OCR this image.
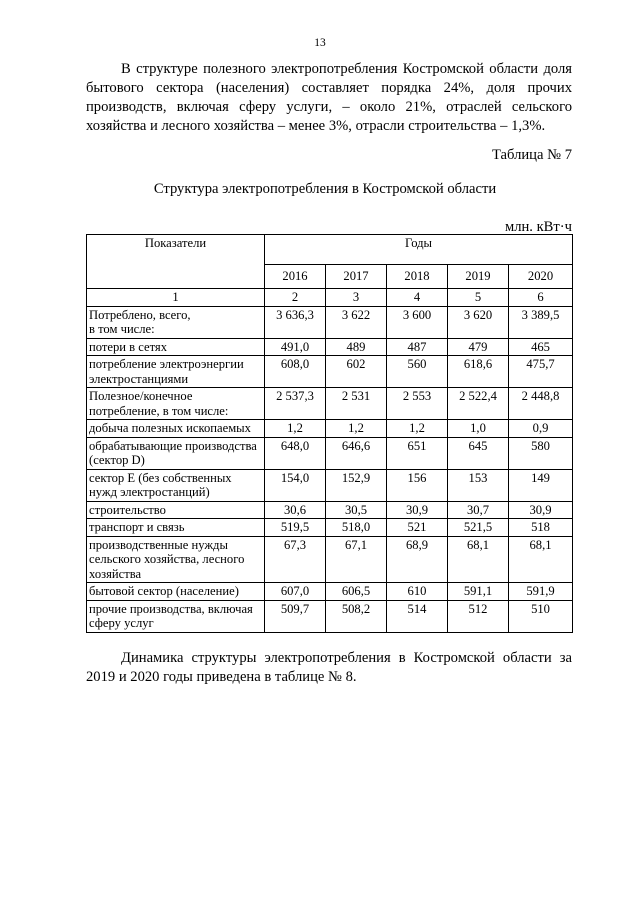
13

В структуре полезного электропотребления Костромской области доля бытового сектора (населения) составляет порядка 24%, доля прочих производств, включая сферу услуги, – около 21%, отраслей сельского хозяйства и лесного хозяйства – менее 3%, отрасли строительства – 1,3%.

Таблица № 7
Структура электропотребления в Костромской области
млн. кВт·ч
Показатели	Годы				
	2016	2017	2018	2019	2020
1	2	3	4	5	6
Потреблено, всего,
в том числе:	3 636,3	3 622	3 600	3 620	3 389,5
потери в сетях	491,0	489	487	479	465
потребление электроэнергии электростанциями	608,0	602	560	618,6	475,7
Полезное/конечное потребление, в том числе:	2 537,3	2 531	2 553	2 522,4	2 448,8
добыча полезных ископаемых	1,2	1,2	1,2	1,0	0,9
обрабатывающие производства (сектор D)	648,0	646,6	651	645	580
сектор Е (без собственных нужд электростанций)	154,0	152,9	156	153	149
строительство	30,6	30,5	30,9	30,7	30,9
транспорт и связь	519,5	518,0	521	521,5	518
производственные нужды сельского хозяйства, лесного хозяйства	67,3	67,1	68,9	68,1	68,1
бытовой сектор (население)	607,0	606,5	610	591,1	591,9
прочие производства, включая сферу услуг	509,7	508,2	514	512	510

Динамика структуры электропотребления в Костромской области за 2019 и 2020 годы приведена в таблице № 8.
